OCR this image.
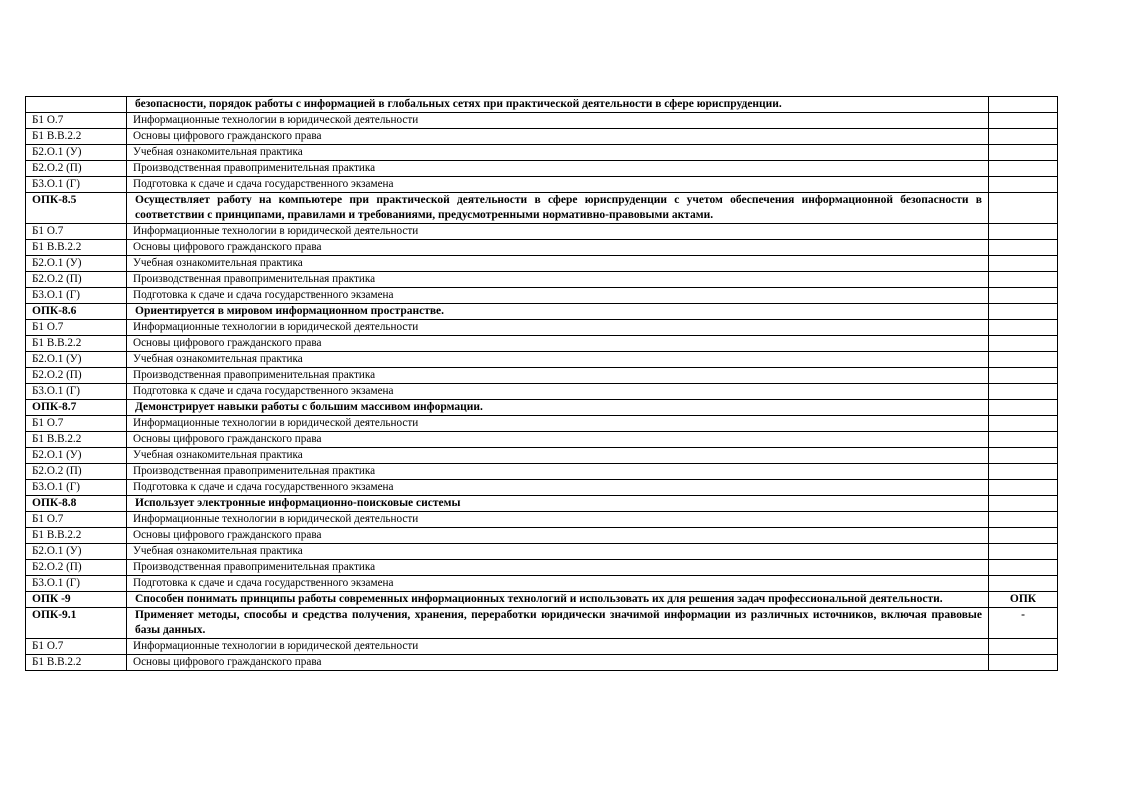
	безопасности, порядок работы с информацией в глобальных сетях при практической деятельности в сфере юриспруденции.	
Б1 О.7	Информационные технологии в юридической деятельности	
Б1 В.В.2.2	Основы цифрового гражданского права	
Б2.О.1 (У)	Учебная ознакомительная практика	
Б2.О.2 (П)	Производственная правоприменительная практика	
Б3.О.1 (Г)	Подготовка к сдаче и сдача государственного экзамена	
ОПК-8.5	Осуществляет работу на компьютере при практической деятельности в сфере юриспруденции с учетом обеспечения информационной безопасности в соответствии с принципами, правилами и требованиями, предусмотренными нормативно-правовыми актами.	
Б1 О.7	Информационные технологии в юридической деятельности	
Б1 В.В.2.2	Основы цифрового гражданского права	
Б2.О.1 (У)	Учебная ознакомительная практика	
Б2.О.2 (П)	Производственная правоприменительная практика	
Б3.О.1 (Г)	Подготовка к сдаче и сдача государственного экзамена	
ОПК-8.6	Ориентируется в мировом информационном пространстве.	
Б1 О.7	Информационные технологии в юридической деятельности	
Б1 В.В.2.2	Основы цифрового гражданского права	
Б2.О.1 (У)	Учебная ознакомительная практика	
Б2.О.2 (П)	Производственная правоприменительная практика	
Б3.О.1 (Г)	Подготовка к сдаче и сдача государственного экзамена	
ОПК-8.7	Демонстрирует навыки работы с большим массивом информации.	
Б1 О.7	Информационные технологии в юридической деятельности	
Б1 В.В.2.2	Основы цифрового гражданского права	
Б2.О.1 (У)	Учебная ознакомительная практика	
Б2.О.2 (П)	Производственная правоприменительная практика	
Б3.О.1 (Г)	Подготовка к сдаче и сдача государственного экзамена	
ОПК-8.8	Использует электронные информационно-поисковые системы	
Б1 О.7	Информационные технологии в юридической деятельности	
Б1 В.В.2.2	Основы цифрового гражданского права	
Б2.О.1 (У)	Учебная ознакомительная практика	
Б2.О.2 (П)	Производственная правоприменительная практика	
Б3.О.1 (Г)	Подготовка к сдаче и сдача государственного экзамена	
ОПК -9	Способен понимать принципы работы современных информационных технологий и использовать их для решения задач профессиональной деятельности.	ОПК
ОПК-9.1	Применяет методы, способы и средства получения, хранения, переработки юридически значимой информации из различных источников, включая правовые базы данных.	-
Б1 О.7	Информационные технологии в юридической деятельности	
Б1 В.В.2.2	Основы цифрового гражданского права	
